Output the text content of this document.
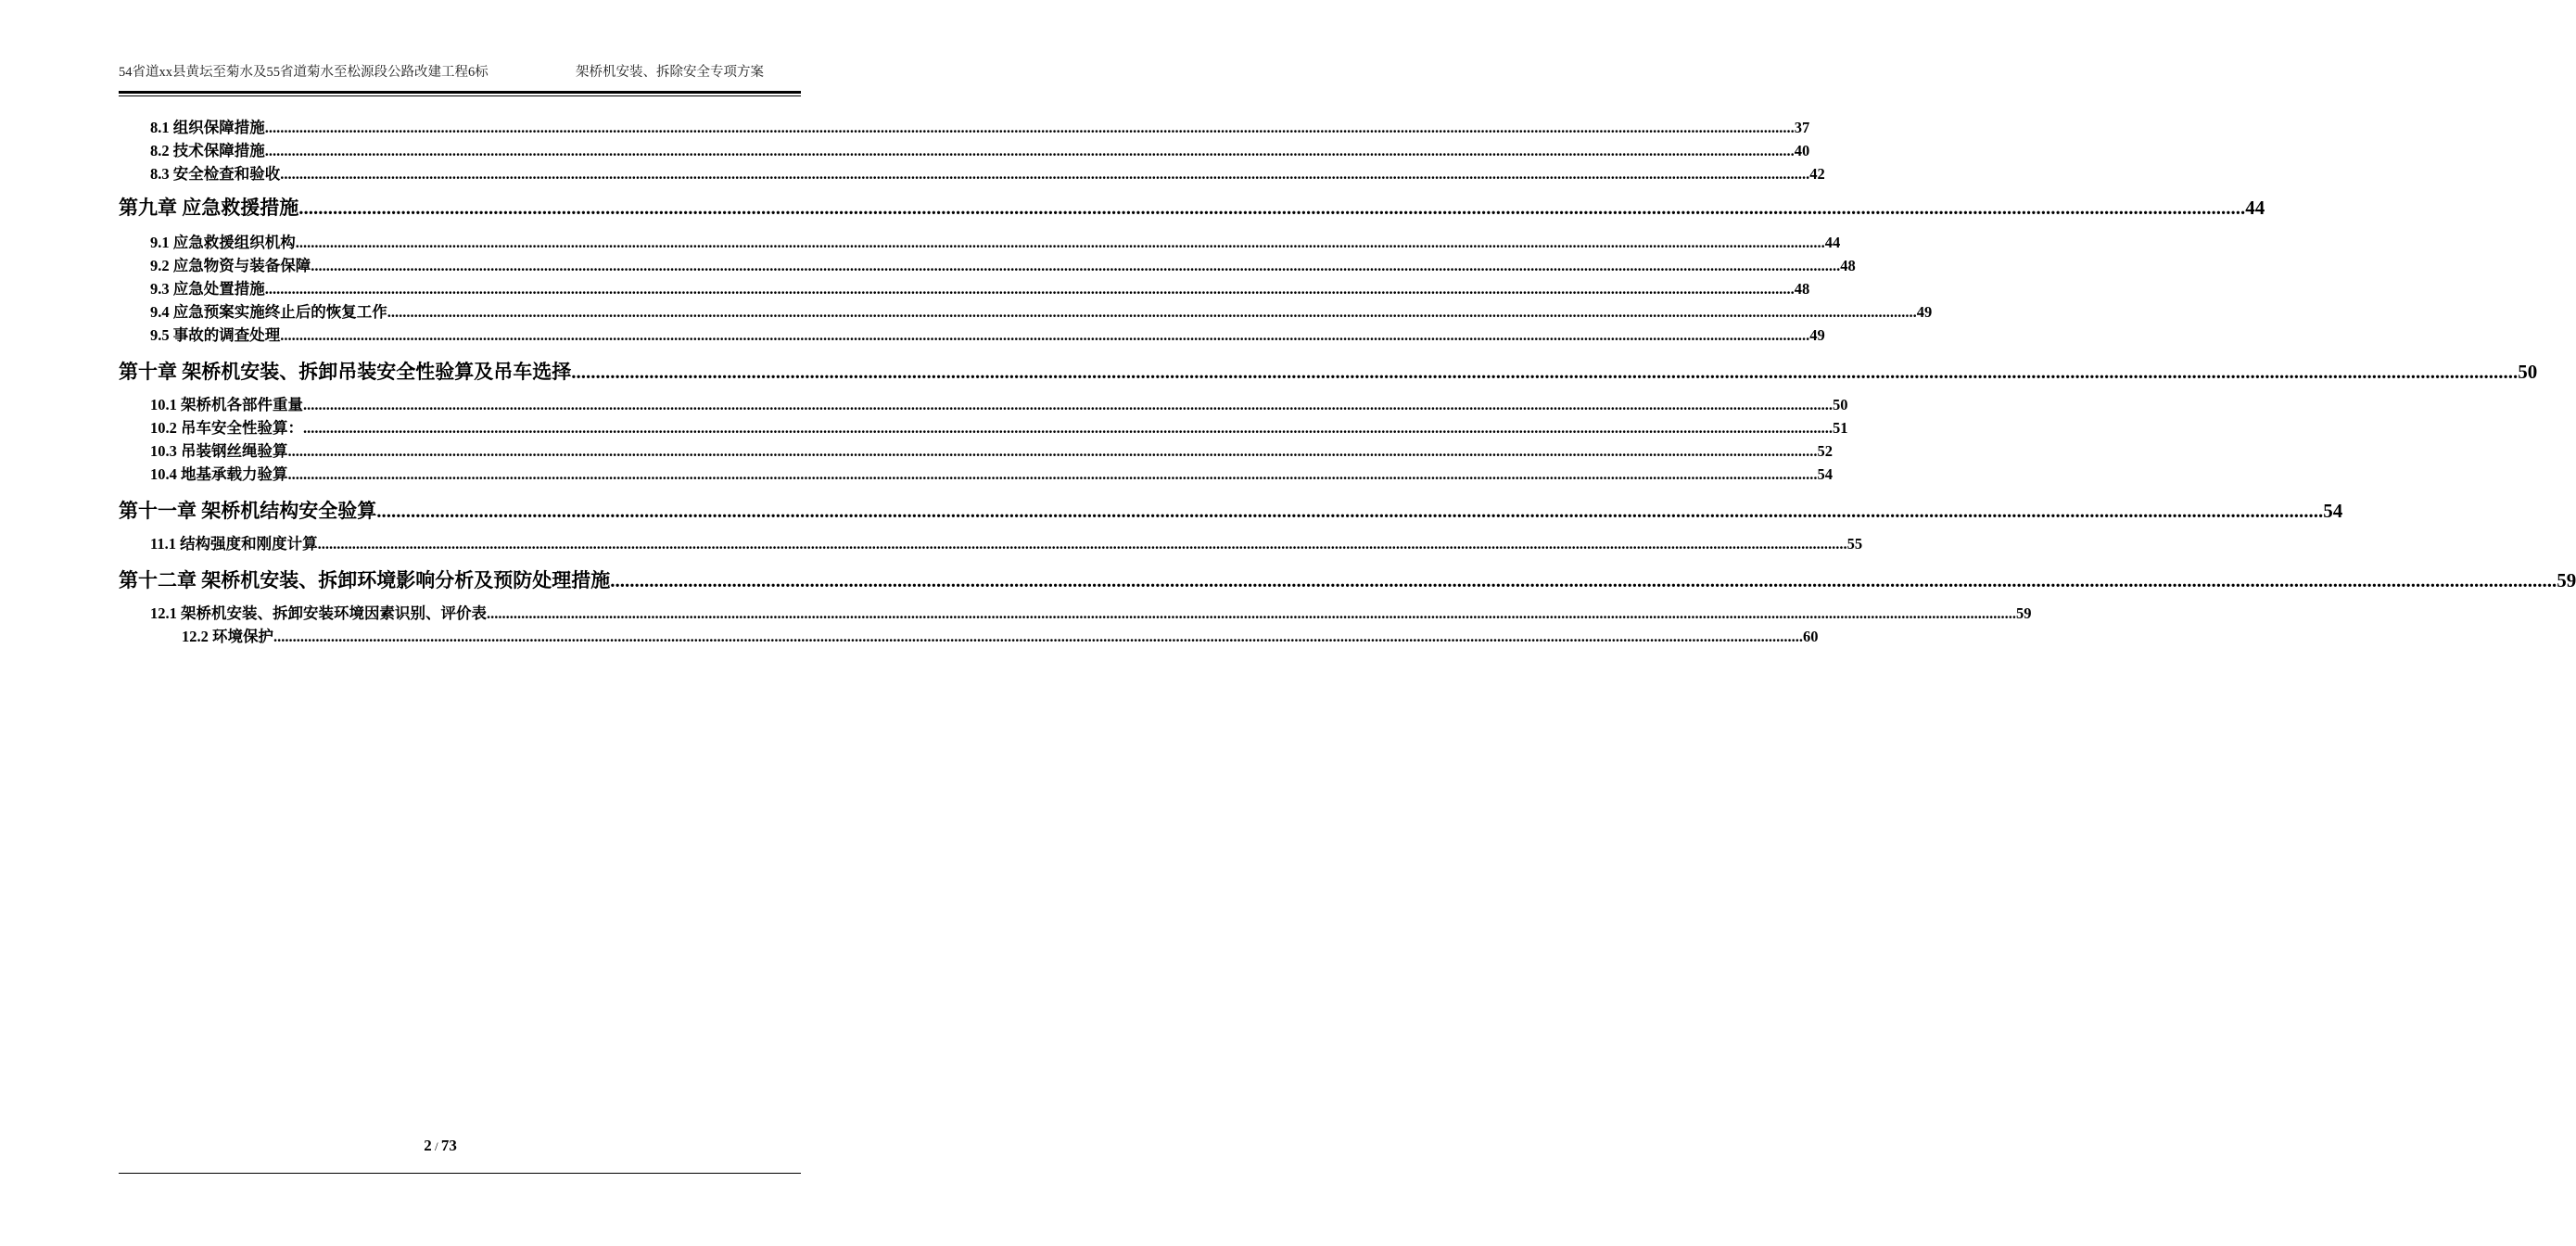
54省道xx县黄坛至菊水及55省道菊水至松源段公路改建工程6标	架桥机安装、拆除安全专项方案
8.1 组织保障措施 ................................................................................................................................................................................................................................................................................................................................................................................................................ 37
8.2 技术保障措施 ................................................................................................................................................................................................................................................................................................................................................................................................................ 40
8.3 安全检查和验收 ................................................................................................................................................................................................................................................................................................................................................................................................................ 42
第九章 应急救援措施 ................................................................................................................................................................................................................................................................................................................................................................................................................ 44
9.1 应急救援组织机构 ................................................................................................................................................................................................................................................................................................................................................................................................................ 44
9.2 应急物资与装备保障 ................................................................................................................................................................................................................................................................................................................................................................................................................ 48
9.3 应急处置措施 ................................................................................................................................................................................................................................................................................................................................................................................................................ 48
9.4 应急预案实施终止后的恢复工作 ................................................................................................................................................................................................................................................................................................................................................................................................................ 49
9.5 事故的调查处理 ................................................................................................................................................................................................................................................................................................................................................................................................................ 49
第十章 架桥机安装、拆卸吊装安全性验算及吊车选择 ................................................................................................................................................................................................................................................................................................................................................................................................................ 50
10.1 架桥机各部件重量 ................................................................................................................................................................................................................................................................................................................................................................................................................ 50
10.2 吊车安全性验算： ................................................................................................................................................................................................................................................................................................................................................................................................................ 51
10.3 吊装钢丝绳验算 ................................................................................................................................................................................................................................................................................................................................................................................................................ 52
10.4 地基承载力验算 ................................................................................................................................................................................................................................................................................................................................................................................................................ 54
第十一章 架桥机结构安全验算 ................................................................................................................................................................................................................................................................................................................................................................................................................ 54
11.1 结构强度和刚度计算 ................................................................................................................................................................................................................................................................................................................................................................................................................ 55
第十二章 架桥机安装、拆卸环境影响分析及预防处理措施 ................................................................................................................................................................................................................................................................................................................................................................................................................ 59
12.1 架桥机安装、拆卸安装环境因素识别、评价表 ................................................................................................................................................................................................................................................................................................................................................................................................................ 59
12.2 环境保护 ................................................................................................................................................................................................................................................................................................................................................................................................................ 60
2 / 73
